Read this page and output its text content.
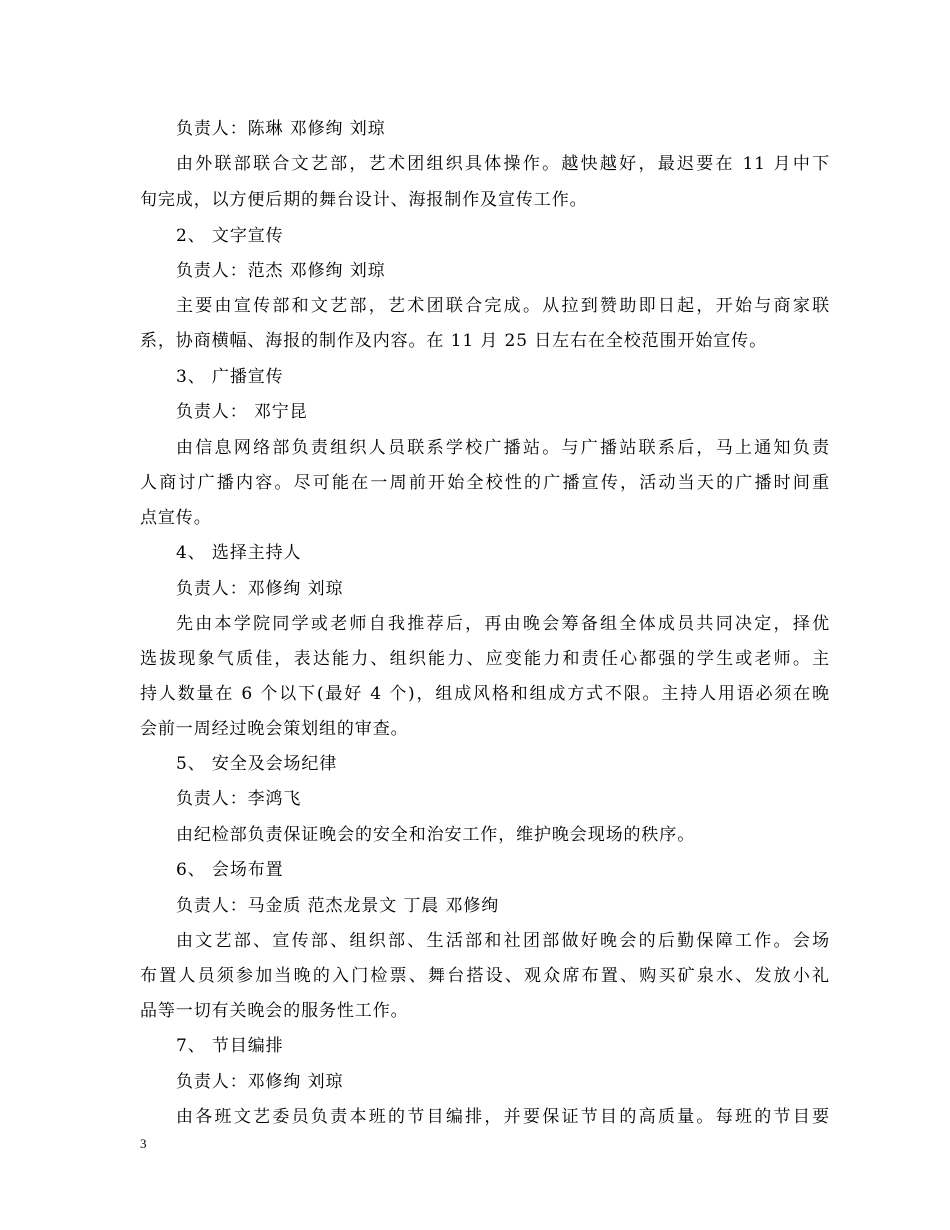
负责人：陈琳 邓修绚 刘琼
由外联部联合文艺部，艺术团组织具体操作。越快越好，最迟要在 11 月中下
旬完成，以方便后期的舞台设计、海报制作及宣传工作。
2、 文字宣传
负责人：范杰 邓修绚 刘琼
主要由宣传部和文艺部，艺术团联合完成。从拉到赞助即日起，开始与商家联
系，协商横幅、海报的制作及内容。在 11 月 25 日左右在全校范围开始宣传。
3、 广播宣传
负责人： 邓宁昆
由信息网络部负责组织人员联系学校广播站。与广播站联系后，马上通知负责
人商讨广播内容。尽可能在一周前开始全校性的广播宣传，活动当天的广播时间重
点宣传。
4、 选择主持人
负责人：邓修绚 刘琼
先由本学院同学或老师自我推荐后，再由晚会筹备组全体成员共同决定，择优
选拔现象气质佳，表达能力、组织能力、应变能力和责任心都强的学生或老师。主
持人数量在 6 个以下(最好 4 个)，组成风格和组成方式不限。主持人用语必须在晚
会前一周经过晚会策划组的审查。
5、 安全及会场纪律
负责人：李鸿飞
由纪检部负责保证晚会的安全和治安工作，维护晚会现场的秩序。
6、 会场布置
负责人：马金质 范杰龙景文 丁晨 邓修绚
由文艺部、宣传部、组织部、生活部和社团部做好晚会的后勤保障工作。会场
布置人员须参加当晚的入门检票、舞台搭设、观众席布置、购买矿泉水、发放小礼
品等一切有关晚会的服务性工作。
7、 节目编排
负责人：邓修绚 刘琼
由各班文艺委员负责本班的节目编排，并要保证节目的高质量。每班的节目要
3
